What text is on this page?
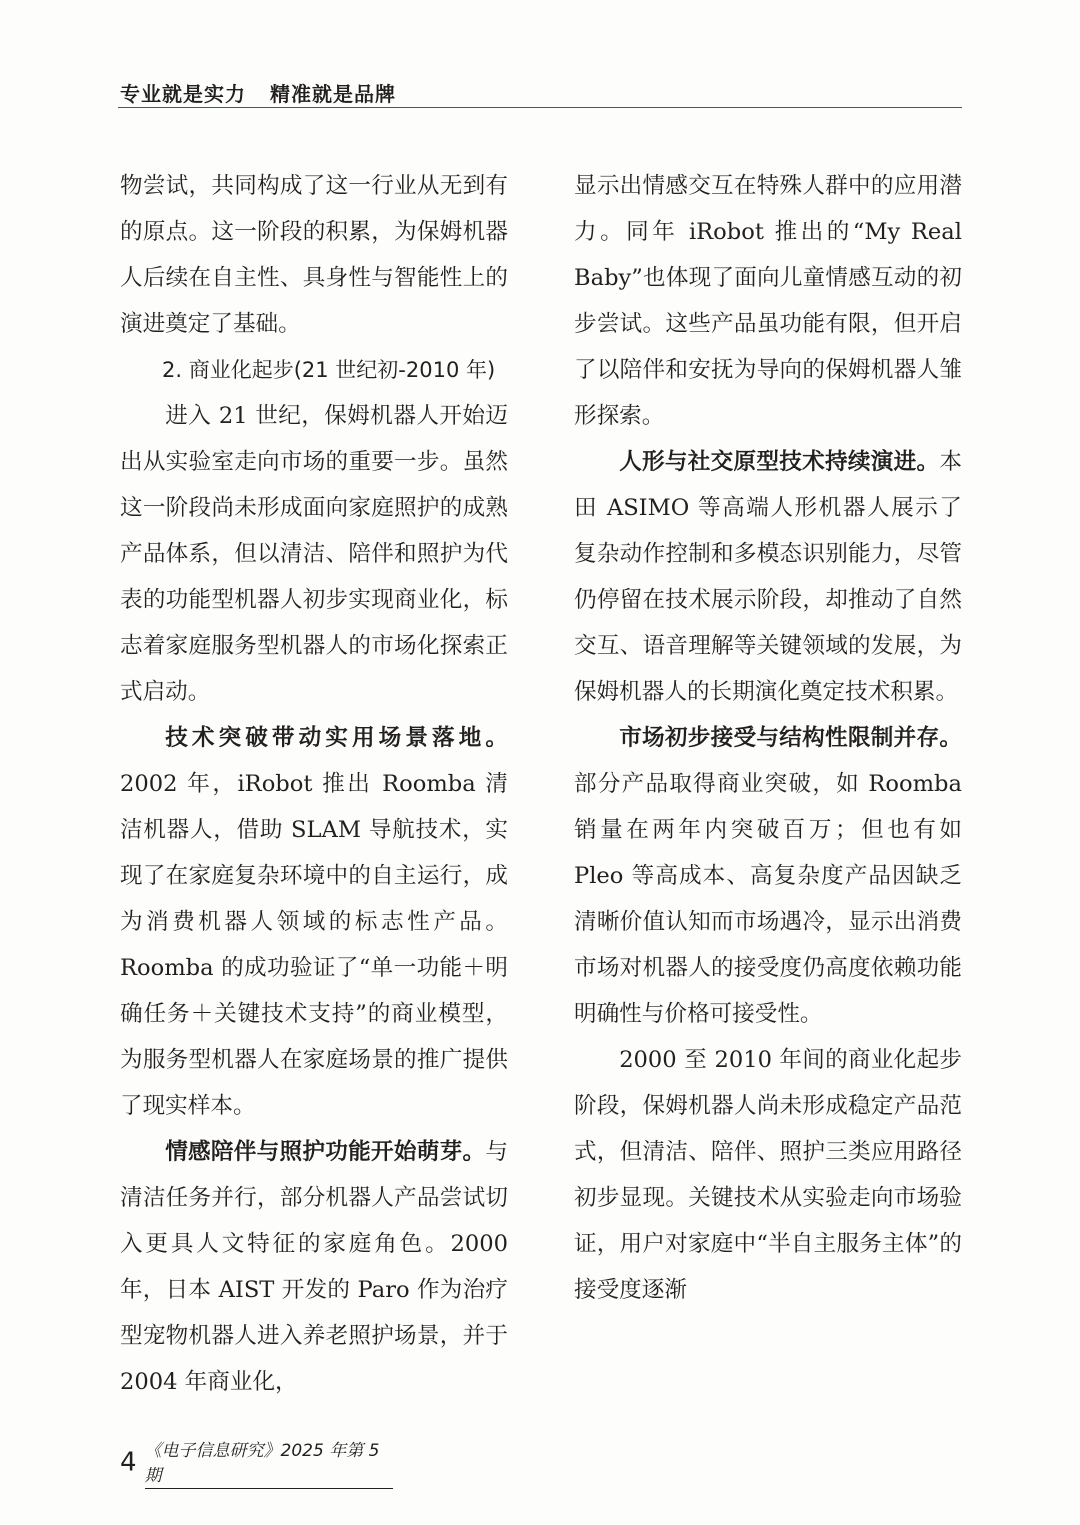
专业就是实力 精准就是品牌

物尝试，共同构成了这一行业从无到有的原点。这一阶段的积累，为保姆机器人后续在自主性、具身性与智能性上的演进奠定了基础。

2. 商业化起步(21 世纪初-2010 年)

进入 21 世纪，保姆机器人开始迈出从实验室走向市场的重要一步。虽然这一阶段尚未形成面向家庭照护的成熟产品体系，但以清洁、陪伴和照护为代表的功能型机器人初步实现商业化，标志着家庭服务型机器人的市场化探索正式启动。

技术突破带动实用场景落地。2002 年，iRobot 推出 Roomba 清洁机器人，借助 SLAM 导航技术，实现了在家庭复杂环境中的自主运行，成为消费机器人领域的标志性产品。Roomba 的成功验证了“单一功能＋明确任务＋关键技术支持”的商业模型，为服务型机器人在家庭场景的推广提供了现实样本。

情感陪伴与照护功能开始萌芽。与清洁任务并行，部分机器人产品尝试切入更具人文特征的家庭角色。2000 年，日本 AIST 开发的 Paro 作为治疗型宠物机器人进入养老照护场景，并于 2004 年商业化，

显示出情感交互在特殊人群中的应用潜力。同年 iRobot 推出的“My Real Baby”也体现了面向儿童情感互动的初步尝试。这些产品虽功能有限，但开启了以陪伴和安抚为导向的保姆机器人雏形探索。

人形与社交原型技术持续演进。本田 ASIMO 等高端人形机器人展示了复杂动作控制和多模态识别能力，尽管仍停留在技术展示阶段，却推动了自然交互、语音理解等关键领域的发展，为保姆机器人的长期演化奠定技术积累。

市场初步接受与结构性限制并存。部分产品取得商业突破，如 Roomba 销量在两年内突破百万；但也有如 Pleo 等高成本、高复杂度产品因缺乏清晰价值认知而市场遇冷，显示出消费市场对机器人的接受度仍高度依赖功能明确性与价格可接受性。

2000 至 2010 年间的商业化起步阶段，保姆机器人尚未形成稳定产品范式，但清洁、陪伴、照护三类应用路径初步显现。关键技术从实验走向市场验证，用户对家庭中“半自主服务主体”的接受度逐渐

4 《电子信息研究》2025 年第 5 期
